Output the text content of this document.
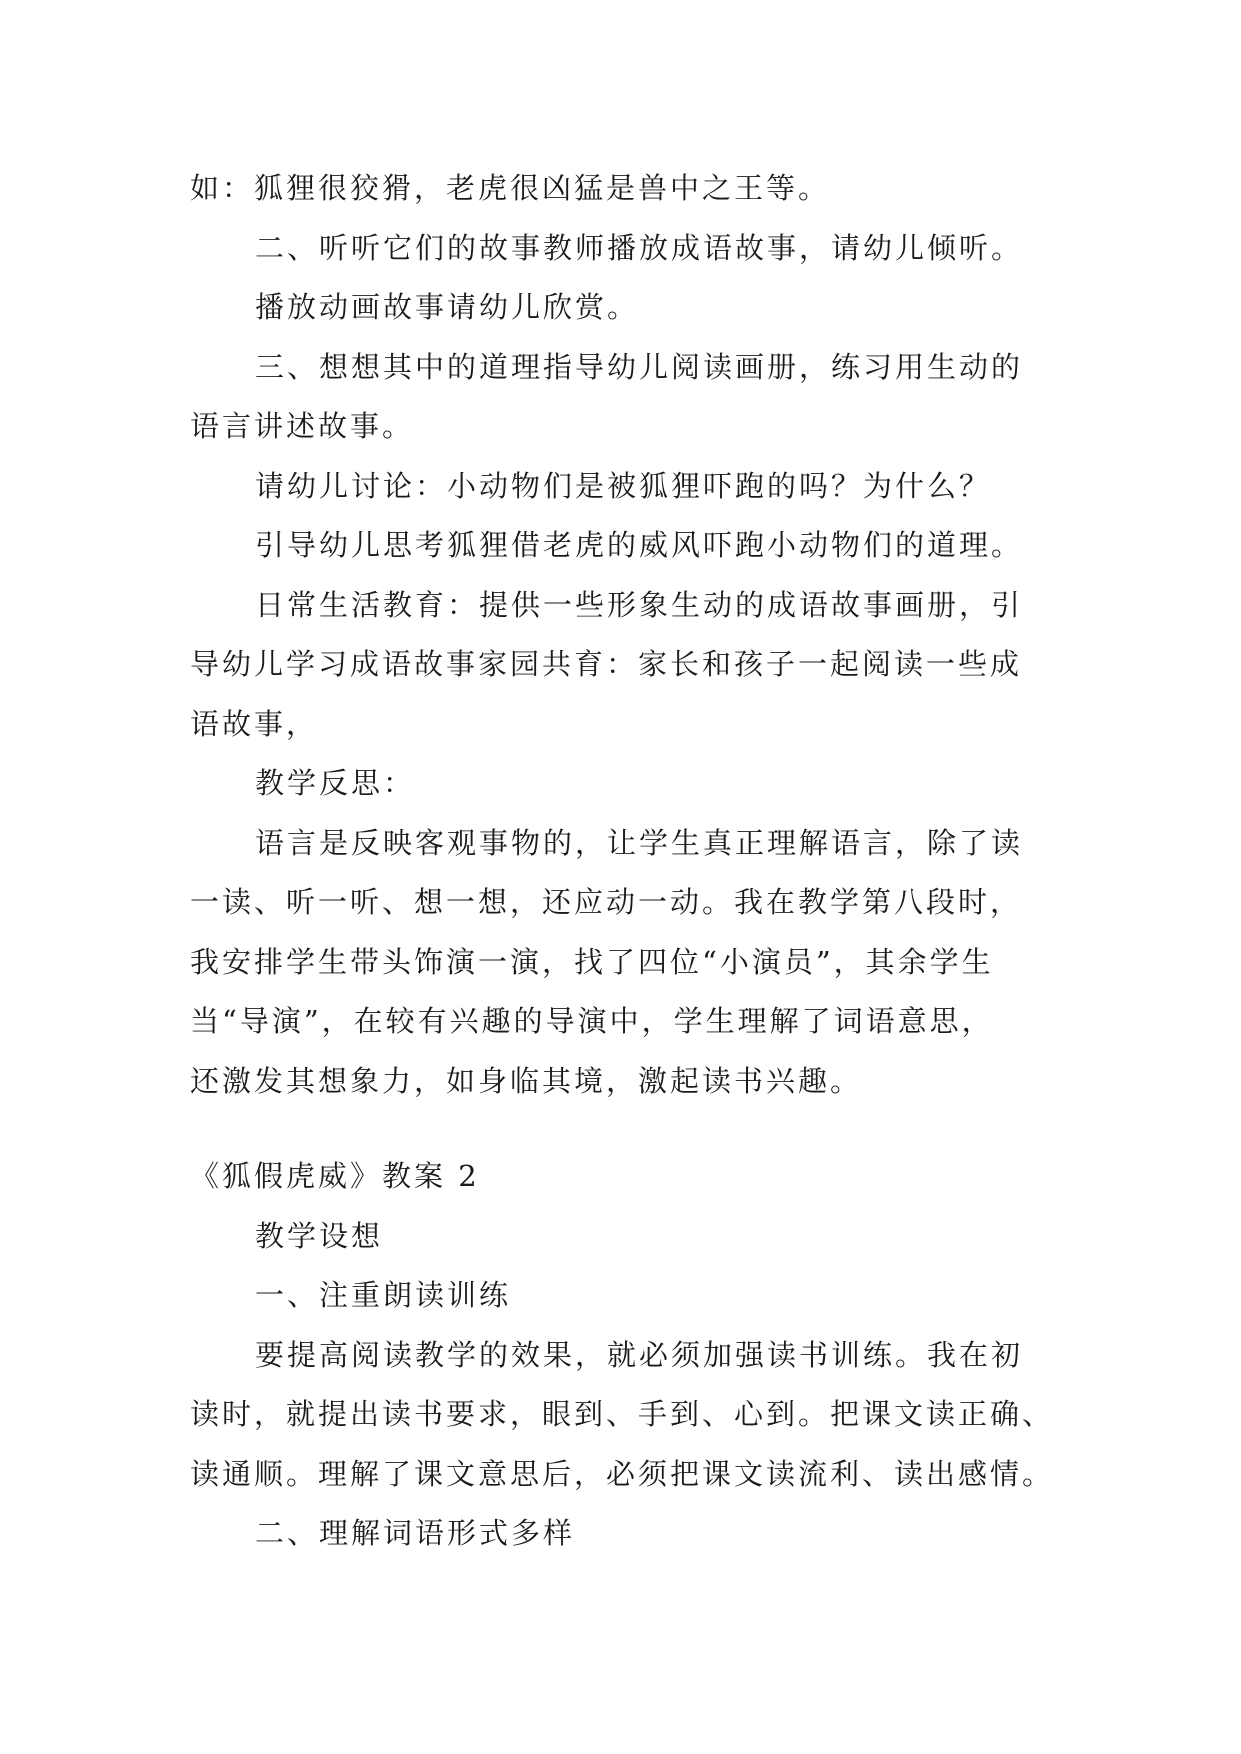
如：狐狸很狡猾，老虎很凶猛是兽中之王等。
二、听听它们的故事教师播放成语故事，请幼儿倾听。
播放动画故事请幼儿欣赏。
三、想想其中的道理指导幼儿阅读画册，练习用生动的
语言讲述故事。
请幼儿讨论：小动物们是被狐狸吓跑的吗？为什么？
引导幼儿思考狐狸借老虎的威风吓跑小动物们的道理。
日常生活教育：提供一些形象生动的成语故事画册，引
导幼儿学习成语故事家园共育：家长和孩子一起阅读一些成
语故事，
教学反思：
语言是反映客观事物的，让学生真正理解语言，除了读
一读、听一听、想一想，还应动一动。我在教学第八段时，
我安排学生带头饰演一演，找了四位“小演员”，其余学生
当“导演”，在较有兴趣的导演中，学生理解了词语意思，
还激发其想象力，如身临其境，激起读书兴趣。
《狐假虎威》教案 2
教学设想
一、注重朗读训练
要提高阅读教学的效果，就必须加强读书训练。我在初
读时，就提出读书要求，眼到、手到、心到。把课文读正确、
读通顺。理解了课文意思后，必须把课文读流利、读出感情。
二、理解词语形式多样
